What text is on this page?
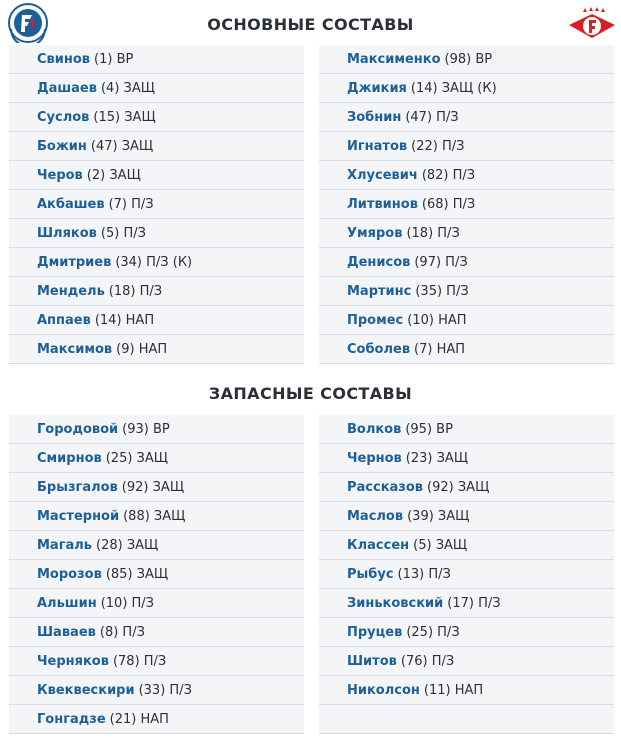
ОСНОВНЫЕ СОСТАВЫ
Свинов (1) ВР
Дашаев (4) ЗАЩ
Суслов (15) ЗАЩ
Божин (47) ЗАЩ
Черов (2) ЗАЩ
Акбашев (7) П/З
Шляков (5) П/З
Дмитриев (34) П/З (К)
Мендель (18) П/З
Аппаев (14) НАП
Максимов (9) НАП
Максименко (98) ВР
Джикия (14) ЗАЩ (К)
Зобнин (47) П/З
Игнатов (22) П/З
Хлусевич (82) П/З
Литвинов (68) П/З
Умяров (18) П/З
Денисов (97) П/З
Мартинс (35) П/З
Промес (10) НАП
Соболев (7) НАП
ЗАПАСНЫЕ СОСТАВЫ
Городовой (93) ВР
Смирнов (25) ЗАЩ
Брызгалов (92) ЗАЩ
Мастерной (88) ЗАЩ
Магаль (28) ЗАЩ
Морозов (85) ЗАЩ
Альшин (10) П/З
Шаваев (8) П/З
Черняков (78) П/З
Квеквескири (33) П/З
Гонгадзе (21) НАП
Волков (95) ВР
Чернов (23) ЗАЩ
Рассказов (92) ЗАЩ
Маслов (39) ЗАЩ
Классен (5) ЗАЩ
Рыбус (13) П/З
Зиньковский (17) П/З
Пруцев (25) П/З
Шитов (76) П/З
Николсон (11) НАП
